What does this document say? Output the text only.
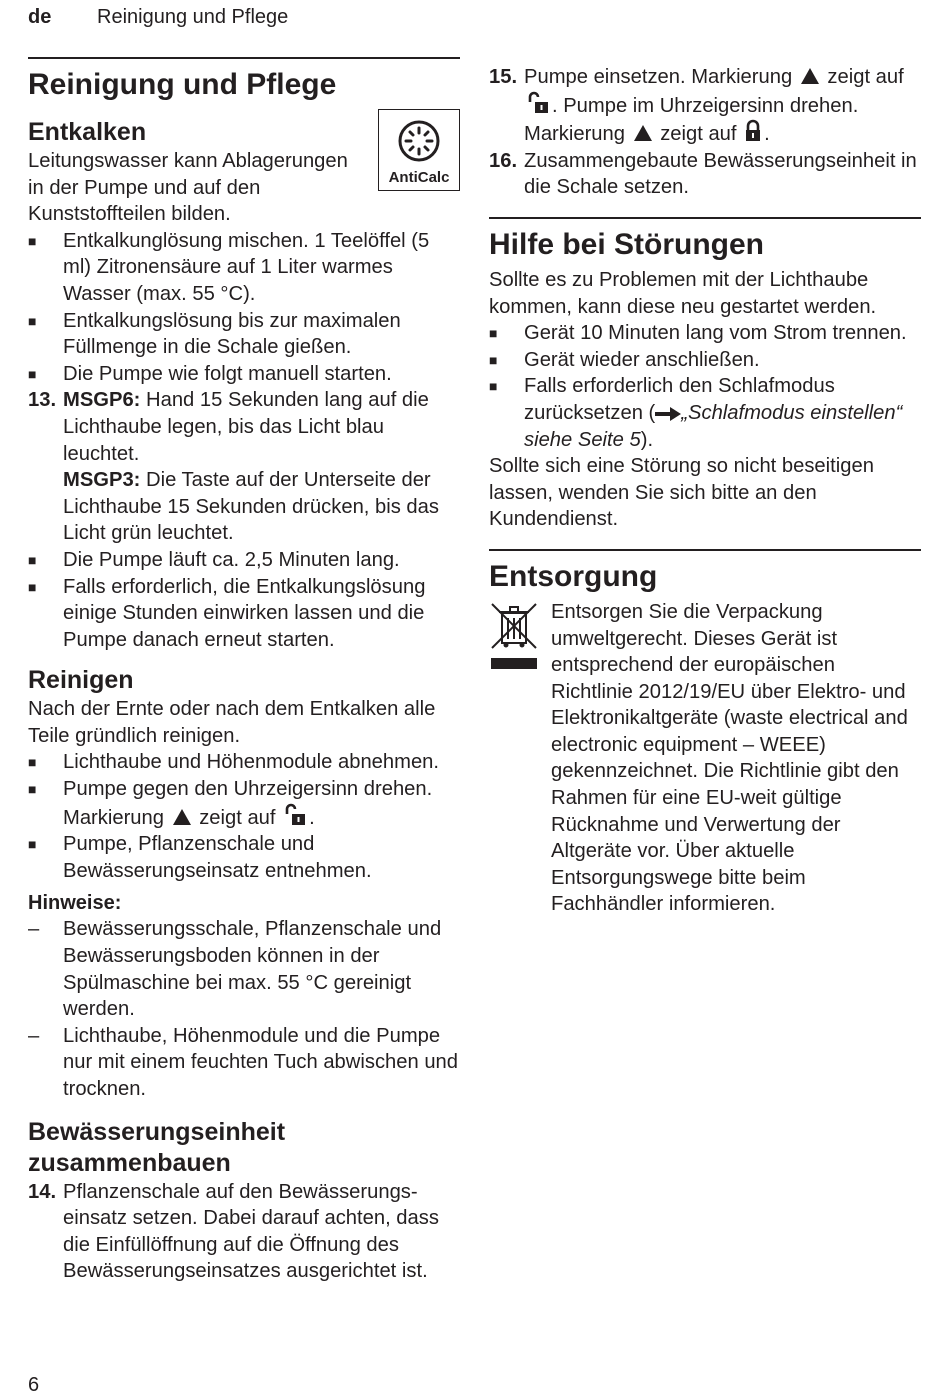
de Reinigung und Pflege
Reinigung und Pflege
AntiCalc
Entkalken

Leitungswasser kann Ablagerungen in der Pumpe und auf den Kunststoffteilen bilden.

■	Entkalkunglösung mischen. 1 Teelöffel (5 ml) Zitronensäure auf 1 Liter warmes Wasser (max. 55 °C).
■	Entkalkungslösung bis zur maximalen Füllmenge in die Schale gießen.
■	Die Pumpe wie folgt manuell starten.
13. MSGP6: Hand 15 Sekunden lang auf die Lichthaube legen, bis das Licht blau leuchtet.
MSGP3: Die Taste auf der Unterseite der Lichthaube 15 Sekunden drücken, bis das Licht grün leuchtet.
■	Die Pumpe läuft ca. 2,5 Minuten lang.
■	Falls erforderlich, die Entkalkungslösung einige Stunden einwirken lassen und die Pumpe danach erneut starten.
Reinigen

Nach der Ernte oder nach dem Entkalken alle Teile gründlich reinigen.

■	Lichthaube und Höhenmodule abnehmen.
■	Pumpe gegen den Uhrzeigersinn drehen. Markierung zeigt auf .
■	Pumpe, Pflanzenschale und Bewässerungseinsatz entnehmen.
Hinweise:
–	Bewässerungsschale, Pflanzenschale und Bewässerungsboden können in der Spülmaschine bei max. 55 °C gereinigt werden.
–	Lichthaube, Höhenmodule und die Pumpe nur mit einem feuchten Tuch abwischen und trocknen.
Bewässerungseinheit zusammenbauen
14. Pflanzenschale auf den Bewässerungseinsatz setzen. Dabei darauf achten, dass die Einfüllöffnung auf die Öffnung des Bewässerungseinsatzes ausgerichtet ist.
15. Pumpe einsetzen. Markierung zeigt auf . Pumpe im Uhrzeigersinn drehen. Markierung zeigt auf .
16. Zusammengebaute Bewässerungseinheit in die Schale setzen.
Hilfe bei Störungen

Sollte es zu Problemen mit der Lichthaube kommen, kann diese neu gestartet werden.

■	Gerät 10 Minuten lang vom Strom trennen.
■	Gerät wieder anschließen.
■	Falls erforderlich den Schlafmodus zurücksetzen ( „Schlafmodus einstellen“ siehe Seite 5).

Sollte sich eine Störung so nicht beseitigen lassen, wenden Sie sich bitte an den Kundendienst.

Entsorgung

Entsorgen Sie die Verpackung umweltgerecht. Dieses Gerät ist entsprechend der europäischen Richtlinie 2012/19/EU über Elektro- und Elektronikaltgeräte (waste electrical and electronic equipment – WEEE) gekennzeichnet. Die Richtlinie gibt den Rahmen für eine EU-weit gültige Rücknahme und Verwertung der Altgeräte vor. Über aktuelle Entsorgungswege bitte beim Fachhändler informieren.

6
